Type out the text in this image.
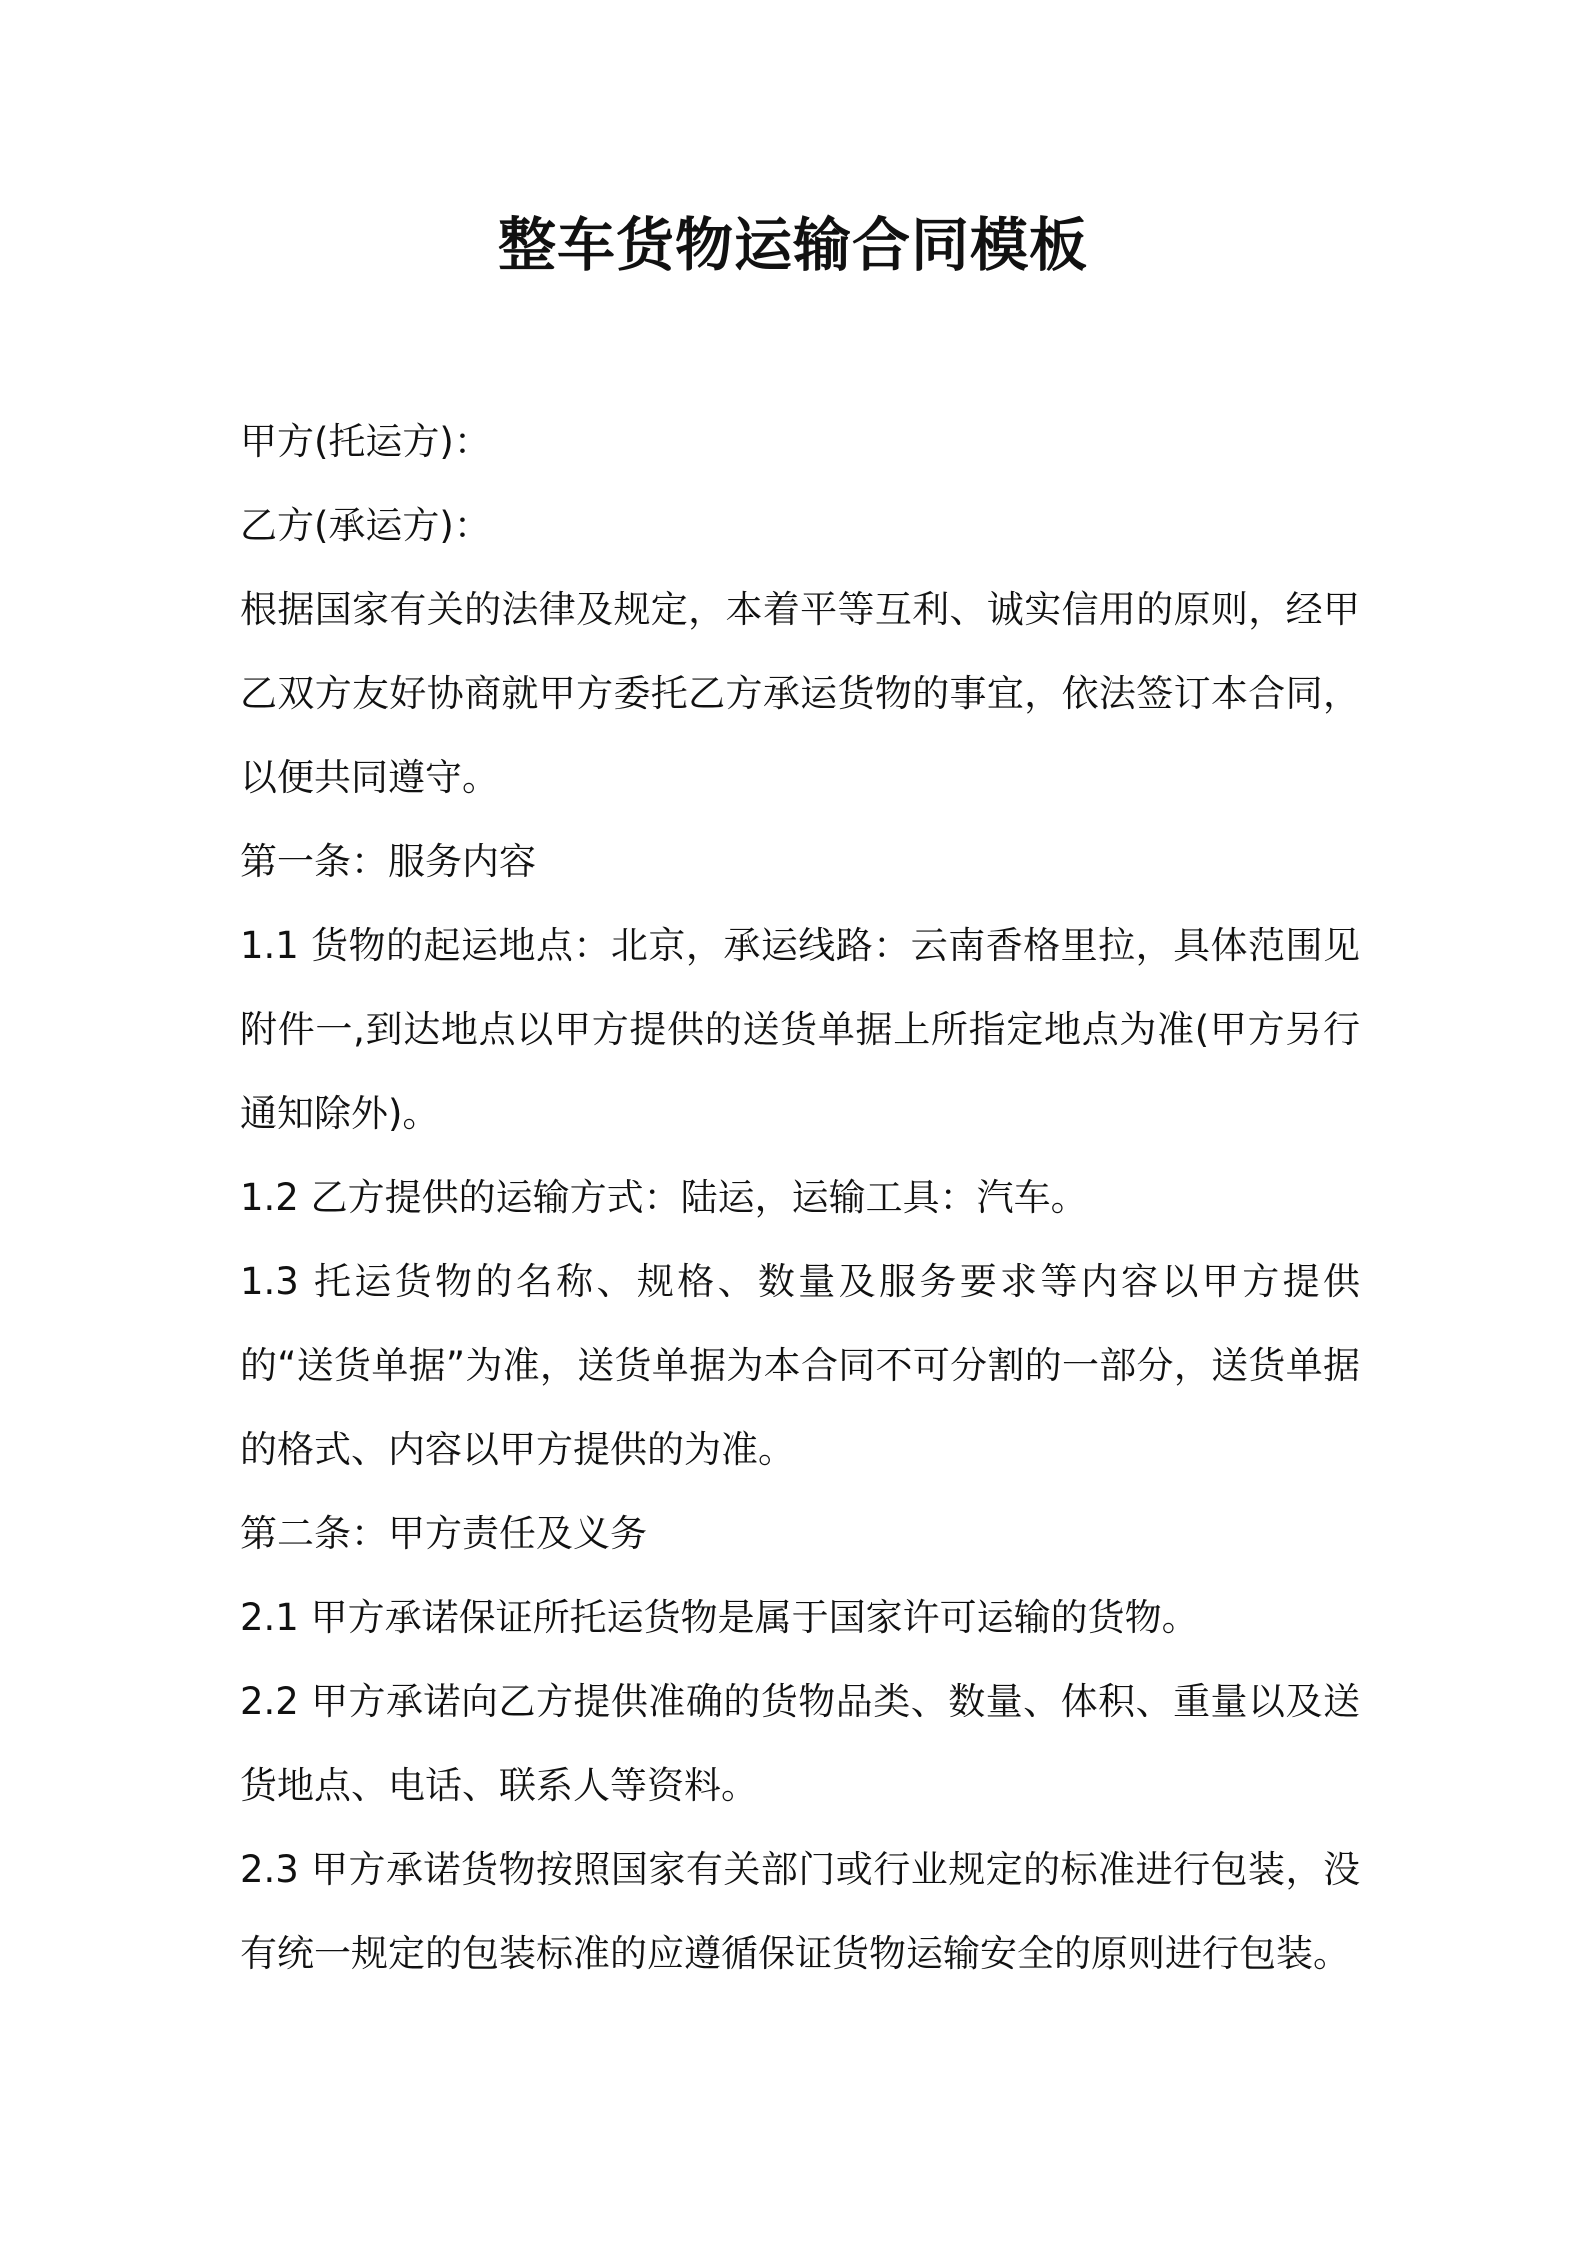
整车货物运输合同模板

甲方(托运方)：

乙方(承运方)：

根据国家有关的法律及规定，本着平等互利、诚实信用的原则，经甲乙双方友好协商就甲方委托乙方承运货物的事宜，依法签订本合同，以便共同遵守。

第一条：服务内容

1.1 货物的起运地点：北京，承运线路：云南香格里拉，具体范围见附件一,到达地点以甲方提供的送货单据上所指定地点为准(甲方另行通知除外)。

1.2 乙方提供的运输方式：陆运，运输工具：汽车。

1.3 托运货物的名称、规格、数量及服务要求等内容以甲方提供的“送货单据”为准，送货单据为本合同不可分割的一部分，送货单据的格式、内容以甲方提供的为准。

第二条：甲方责任及义务

2.1 甲方承诺保证所托运货物是属于国家许可运输的货物。

2.2 甲方承诺向乙方提供准确的货物品类、数量、体积、重量以及送货地点、电话、联系人等资料。

2.3 甲方承诺货物按照国家有关部门或行业规定的标准进行包装，没有统一规定的包装标准的应遵循保证货物运输安全的原则进行包装。
